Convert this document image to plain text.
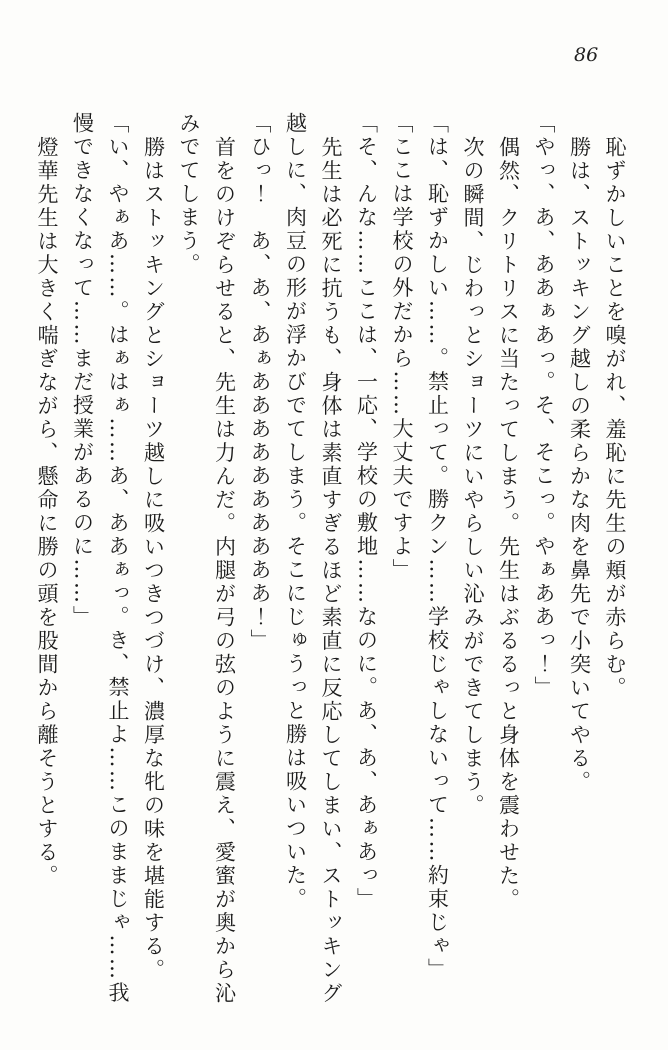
86

恥ずかしいことを嗅がれ、羞恥に先生の頬が赤らむ。

勝は、ストッキング越しの柔らかな肉を鼻先で小突いてやる。

「やっ、あ、ああぁあっ。そ、そこっ。やぁああっ！」

偶然、クリトリスに当たってしまう。先生はぶるるっと身体を震わせた。

次の瞬間、じわっとショーツにいやらしい沁みができてしまう。

「は、恥ずかしい……。禁止って。勝クン……学校じゃしないって……約束じゃ」

「ここは学校の外だから……大丈夫ですよ」

「そ、んな……ここは、一応、学校の敷地……なのに。あ、あ、あぁあっ」

先生は必死に抗うも、身体は素直すぎるほど素直に反応してしまい、ストッキング越しに、肉豆の形が浮かびでてしまう。そこにじゅうっと勝は吸いついた。

「ひっ！　あ、あ、あぁああああああああああ！」

首をのけぞらせると、先生は力んだ。内腿が弓の弦のように震え、愛蜜が奥から沁みでてしまう。

勝はストッキングとショーツ越しに吸いつきつづけ、濃厚な牝の味を堪能する。

「い、やぁあ……。はぁはぁ……あ、ああぁっ。き、禁止よ……このままじゃ……我慢できなくなって……まだ授業があるのに……」

燈華先生は大きく喘ぎながら、懸命に勝の頭を股間から離そうとする。
